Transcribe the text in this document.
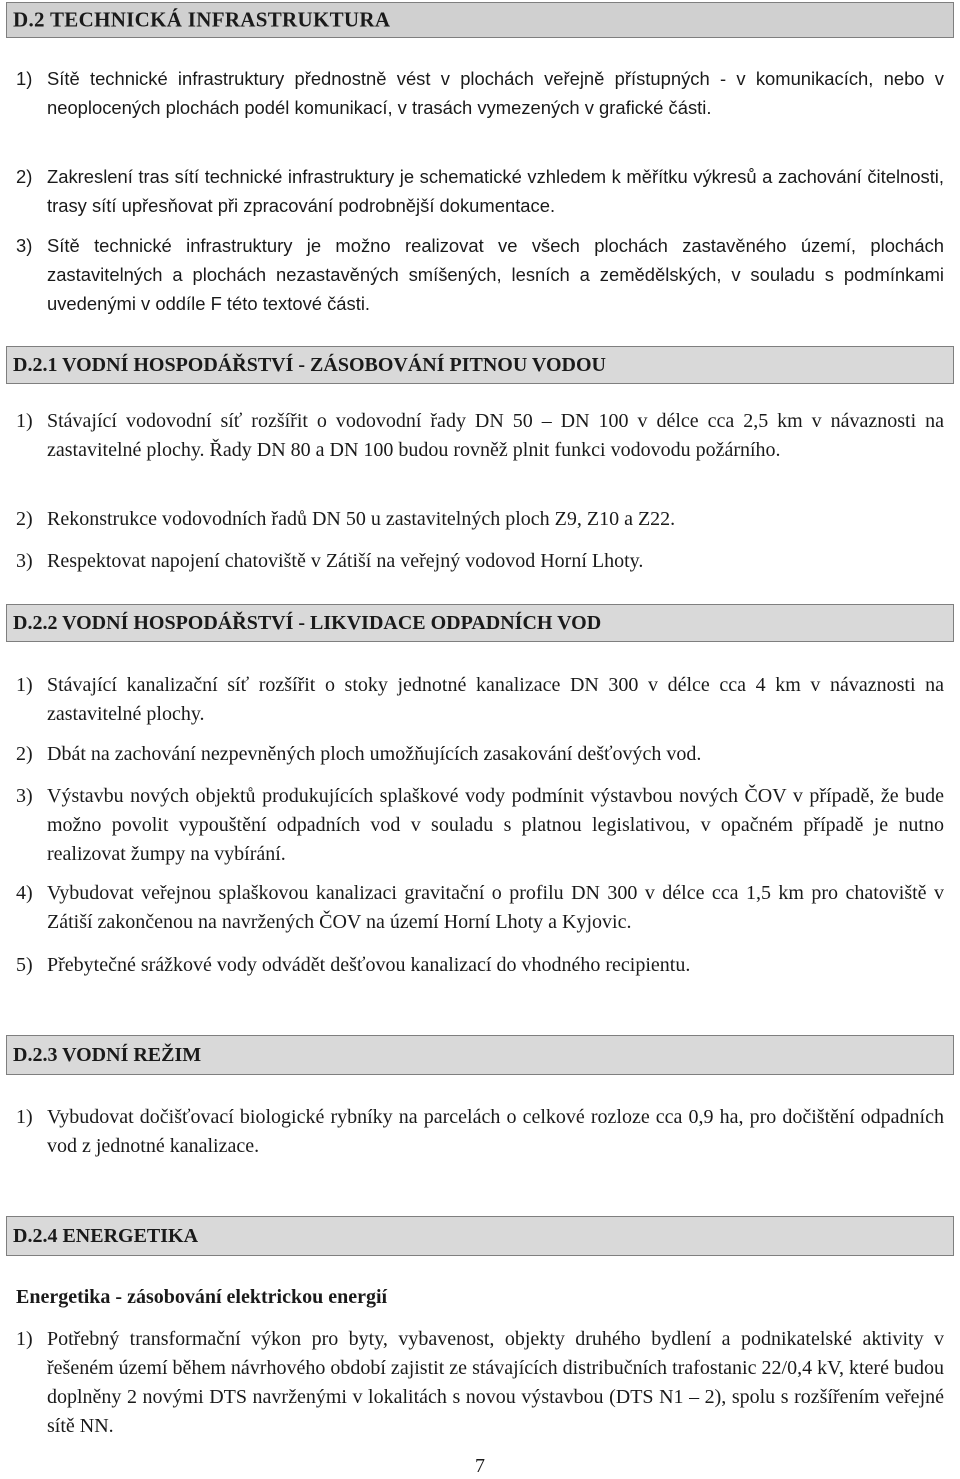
D.2 TECHNICKÁ INFRASTRUKTURA
1) Sítě technické infrastruktury přednostně vést v plochách veřejně přístupných - v komunikacích, nebo v neoplocených plochách podél komunikací, v trasách vymezených v grafické části.
2) Zakreslení tras sítí technické infrastruktury je schematické vzhledem k měřítku výkresů a zachování čitelnosti, trasy sítí upřesňovat při zpracování podrobnější dokumentace.
3) Sítě technické infrastruktury je možno realizovat ve všech plochách zastavěného území, plochách zastavitelných a plochách nezastavěných smíšených, lesních a zemědělských, v souladu s podmínkami uvedenými v oddíle F této textové části.
D.2.1 VODNÍ HOSPODÁŘSTVÍ - ZÁSOBOVÁNÍ PITNOU VODOU
1) Stávající vodovodní síť rozšířit o vodovodní řady DN 50 – DN 100 v délce cca 2,5 km v návaznosti na zastavitelné plochy. Řady DN 80 a DN 100 budou rovněž plnit funkci vodovodu požárního.
2) Rekonstrukce vodovodních řadů DN 50 u zastavitelných ploch Z9, Z10 a Z22.
3) Respektovat napojení chatoviště v Zátiší na veřejný vodovod Horní Lhoty.
D.2.2 VODNÍ HOSPODÁŘSTVÍ - LIKVIDACE ODPADNÍCH VOD
1) Stávající kanalizační síť rozšířit o stoky jednotné kanalizace DN 300 v délce cca 4 km v návaznosti na zastavitelné plochy.
2) Dbát na zachování nezpevněných ploch umožňujících zasakování dešťových vod.
3) Výstavbu nových objektů produkujících splaškové vody podmínit výstavbou nových ČOV v případě, že bude možno povolit vypouštění odpadních vod v souladu s platnou legislativou, v opačném případě je nutno realizovat žumpy na vybírání.
4) Vybudovat veřejnou splaškovou kanalizaci gravitační o profilu DN 300 v délce cca 1,5 km pro chatoviště v Zátiší zakončenou na navržených ČOV na území Horní Lhoty a Kyjovic.
5) Přebytečné srážkové vody odvádět dešťovou kanalizací do vhodného recipientu.
D.2.3 VODNÍ REŽIM
1) Vybudovat dočišťovací biologické rybníky na parcelách o celkové rozloze cca 0,9 ha, pro dočištění odpadních vod z jednotné kanalizace.
D.2.4 ENERGETIKA
Energetika - zásobování elektrickou energií
1) Potřebný transformační výkon pro byty, vybavenost, objekty druhého bydlení a podnikatelské aktivity v řešeném území během návrhového období zajistit ze stávajících distribučních trafostanic 22/0,4 kV, které budou doplněny 2 novými DTS navrženými v lokalitách s novou výstavbou (DTS N1 – 2), spolu s rozšířením veřejné sítě NN.
7
